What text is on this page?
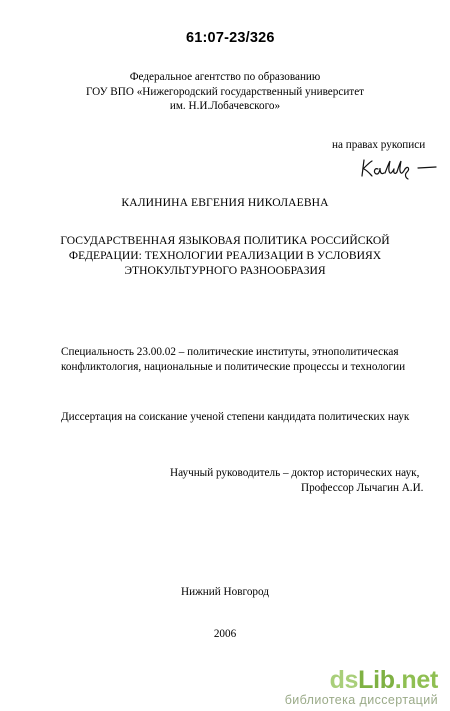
61:07-23/326
Федеральное агентство по образованию
ГОУ ВПО «Нижегородский государственный университет
им. Н.И.Лобачевского»
на правах рукописи
КАЛИНИНА ЕВГЕНИЯ НИКОЛАЕВНА
ГОСУДАРСТВЕННАЯ ЯЗЫКОВАЯ ПОЛИТИКА РОССИЙСКОЙ
ФЕДЕРАЦИИ: ТЕХНОЛОГИИ РЕАЛИЗАЦИИ В УСЛОВИЯХ
ЭТНОКУЛЬТУРНОГО РАЗНООБРАЗИЯ
Специальность 23.00.02 – политические институты, этнополитическая
конфликтология, национальные и политические процессы и технологии
Диссертация на соискание ученой степени кандидата политических наук
Научный руководитель – доктор исторических наук,
Профессор Лычагин А.И.
Нижний Новгород
2006
dsLib.net
библиотека диссертаций
